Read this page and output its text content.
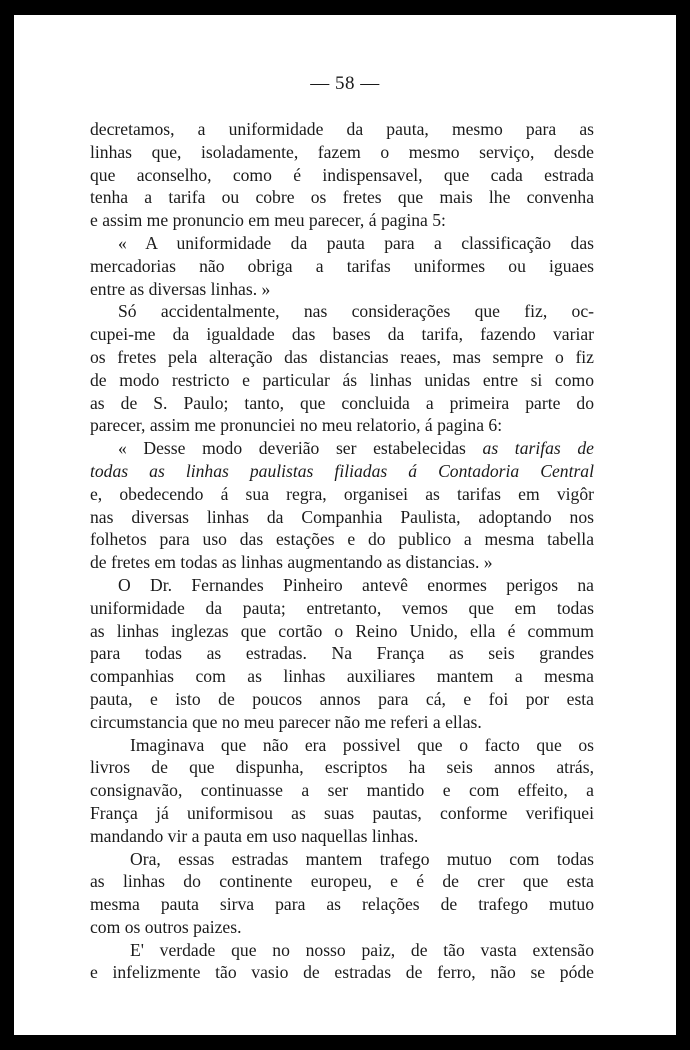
— 58 —

decretamos, a uniformidade da pauta, mesmo para as
linhas que, isoladamente, fazem o mesmo serviço, desde
que aconselho, como é indispensavel, que cada estrada
tenha a tarifa ou cobre os fretes que mais lhe convenha
e assim me pronuncio em meu parecer, á pagina 5:

« A uniformidade da pauta para a classificação das
mercadorias não obriga a tarifas uniformes ou iguaes
entre as diversas linhas. »

Só accidentalmente, nas considerações que fiz, oc-
cupei-me da igualdade das bases da tarifa, fazendo variar
os fretes pela alteração das distancias reaes, mas sempre o fiz
de modo restricto e particular ás linhas unidas entre si como
as de S. Paulo; tanto, que concluida a primeira parte do
parecer, assim me pronunciei no meu relatorio, á pagina 6:

« Desse modo deverião ser estabelecidas as tarifas de
todas as linhas paulistas filiadas á Contadoria Central
e, obedecendo á sua regra, organisei as tarifas em vigôr
nas diversas linhas da Companhia Paulista, adoptando nos
folhetos para uso das estações e do publico a mesma tabella
de fretes em todas as linhas augmentando as distancias. »

O Dr. Fernandes Pinheiro antevê enormes perigos na
uniformidade da pauta; entretanto, vemos que em todas
as linhas inglezas que cortão o Reino Unido, ella é commum
para todas as estradas. Na França as seis grandes
companhias com as linhas auxiliares mantem a mesma
pauta, e isto de poucos annos para cá, e foi por esta
circumstancia que no meu parecer não me referi a ellas.

Imaginava que não era possivel que o facto que os
livros de que dispunha, escriptos ha seis annos atrás,
consignavão, continuasse a ser mantido e com effeito, a
França já uniformisou as suas pautas, conforme verifiquei
mandando vir a pauta em uso naquellas linhas.

Ora, essas estradas mantem trafego mutuo com todas
as linhas do continente europeu, e é de crer que esta
mesma pauta sirva para as relações de trafego mutuo
com os outros paizes.

E' verdade que no nosso paiz, de tão vasta extensão
e infelizmente tão vasio de estradas de ferro, não se póde
